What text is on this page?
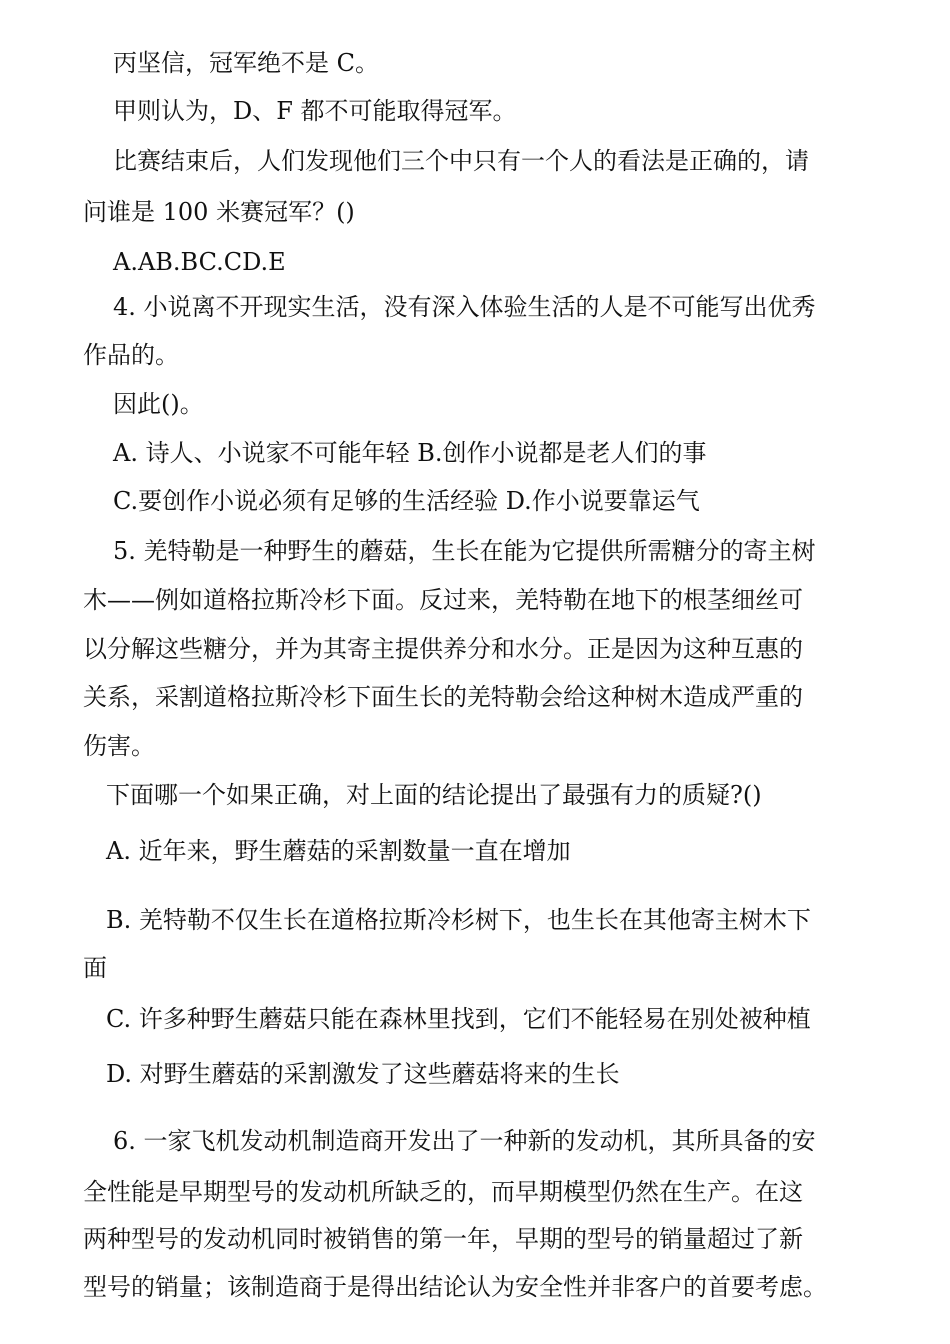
丙坚信，冠军绝不是 C。
甲则认为，D、F 都不可能取得冠军。
比赛结束后，人们发现他们三个中只有一个人的看法是正确的，请
问谁是 100 米赛冠军？()
A.AB.BC.CD.E
4. 小说离不开现实生活，没有深入体验生活的人是不可能写出优秀
作品的。
因此()。
A. 诗人、小说家不可能年轻 B.创作小说都是老人们的事
C.要创作小说必须有足够的生活经验 D.作小说要靠运气
5. 羌特勒是一种野生的蘑菇，生长在能为它提供所需糖分的寄主树
木——例如道格拉斯冷杉下面。反过来，羌特勒在地下的根茎细丝可
以分解这些糖分，并为其寄主提供养分和水分。正是因为这种互惠的
关系，采割道格拉斯冷杉下面生长的羌特勒会给这种树木造成严重的
伤害。
下面哪一个如果正确，对上面的结论提出了最强有力的质疑?()
A. 近年来，野生蘑菇的采割数量一直在增加
B. 羌特勒不仅生长在道格拉斯冷杉树下，也生长在其他寄主树木下
面
C. 许多种野生蘑菇只能在森林里找到，它们不能轻易在别处被种植
D. 对野生蘑菇的采割激发了这些蘑菇将来的生长
6. 一家飞机发动机制造商开发出了一种新的发动机，其所具备的安
全性能是早期型号的发动机所缺乏的，而早期模型仍然在生产。在这
两种型号的发动机同时被销售的第一年，早期的型号的销量超过了新
型号的销量；该制造商于是得出结论认为安全性并非客户的首要考虑。
